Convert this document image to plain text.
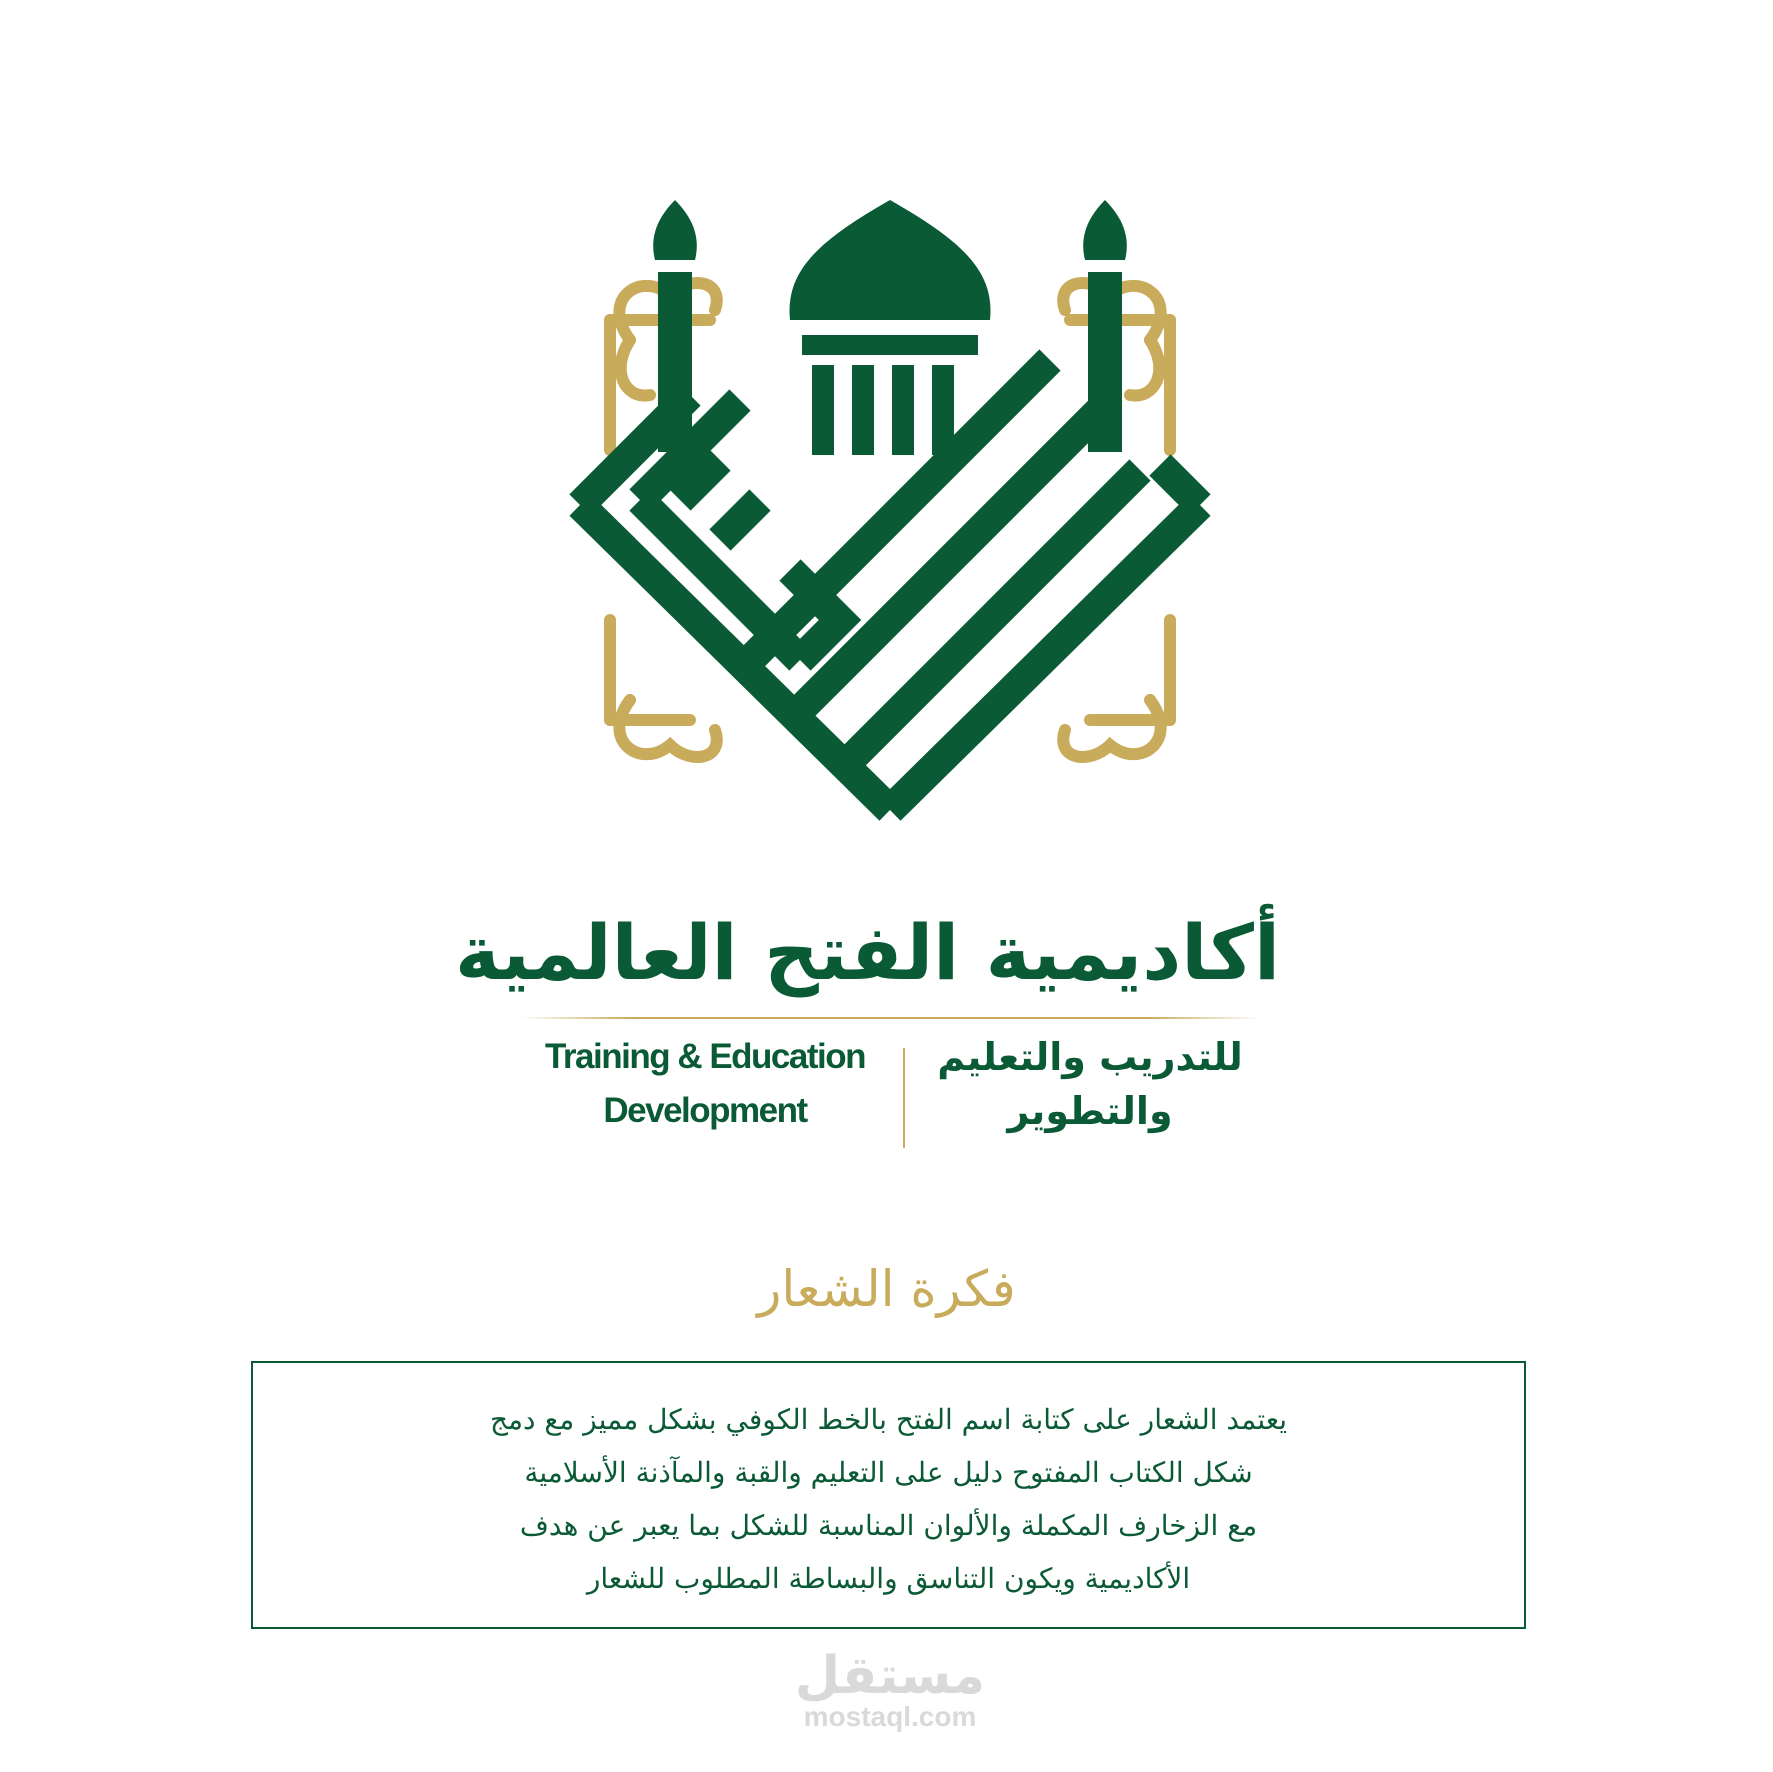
أكاديمية الفتح العالمية
للتدريب والتعليم
والتطوير
Training & Education
Development
فكرة الشعار
يعتمد الشعار على كتابة اسم الفتح بالخط الكوفي بشكل مميز مع دمج
شكل الكتاب المفتوح دليل على التعليم والقبة والمآذنة الأسلامية
مع الزخارف المكملة والألوان المناسبة للشكل بما يعبر عن هدف
الأكاديمية ويكون التناسق والبساطة المطلوب للشعار
مستقل
mostaql.com
